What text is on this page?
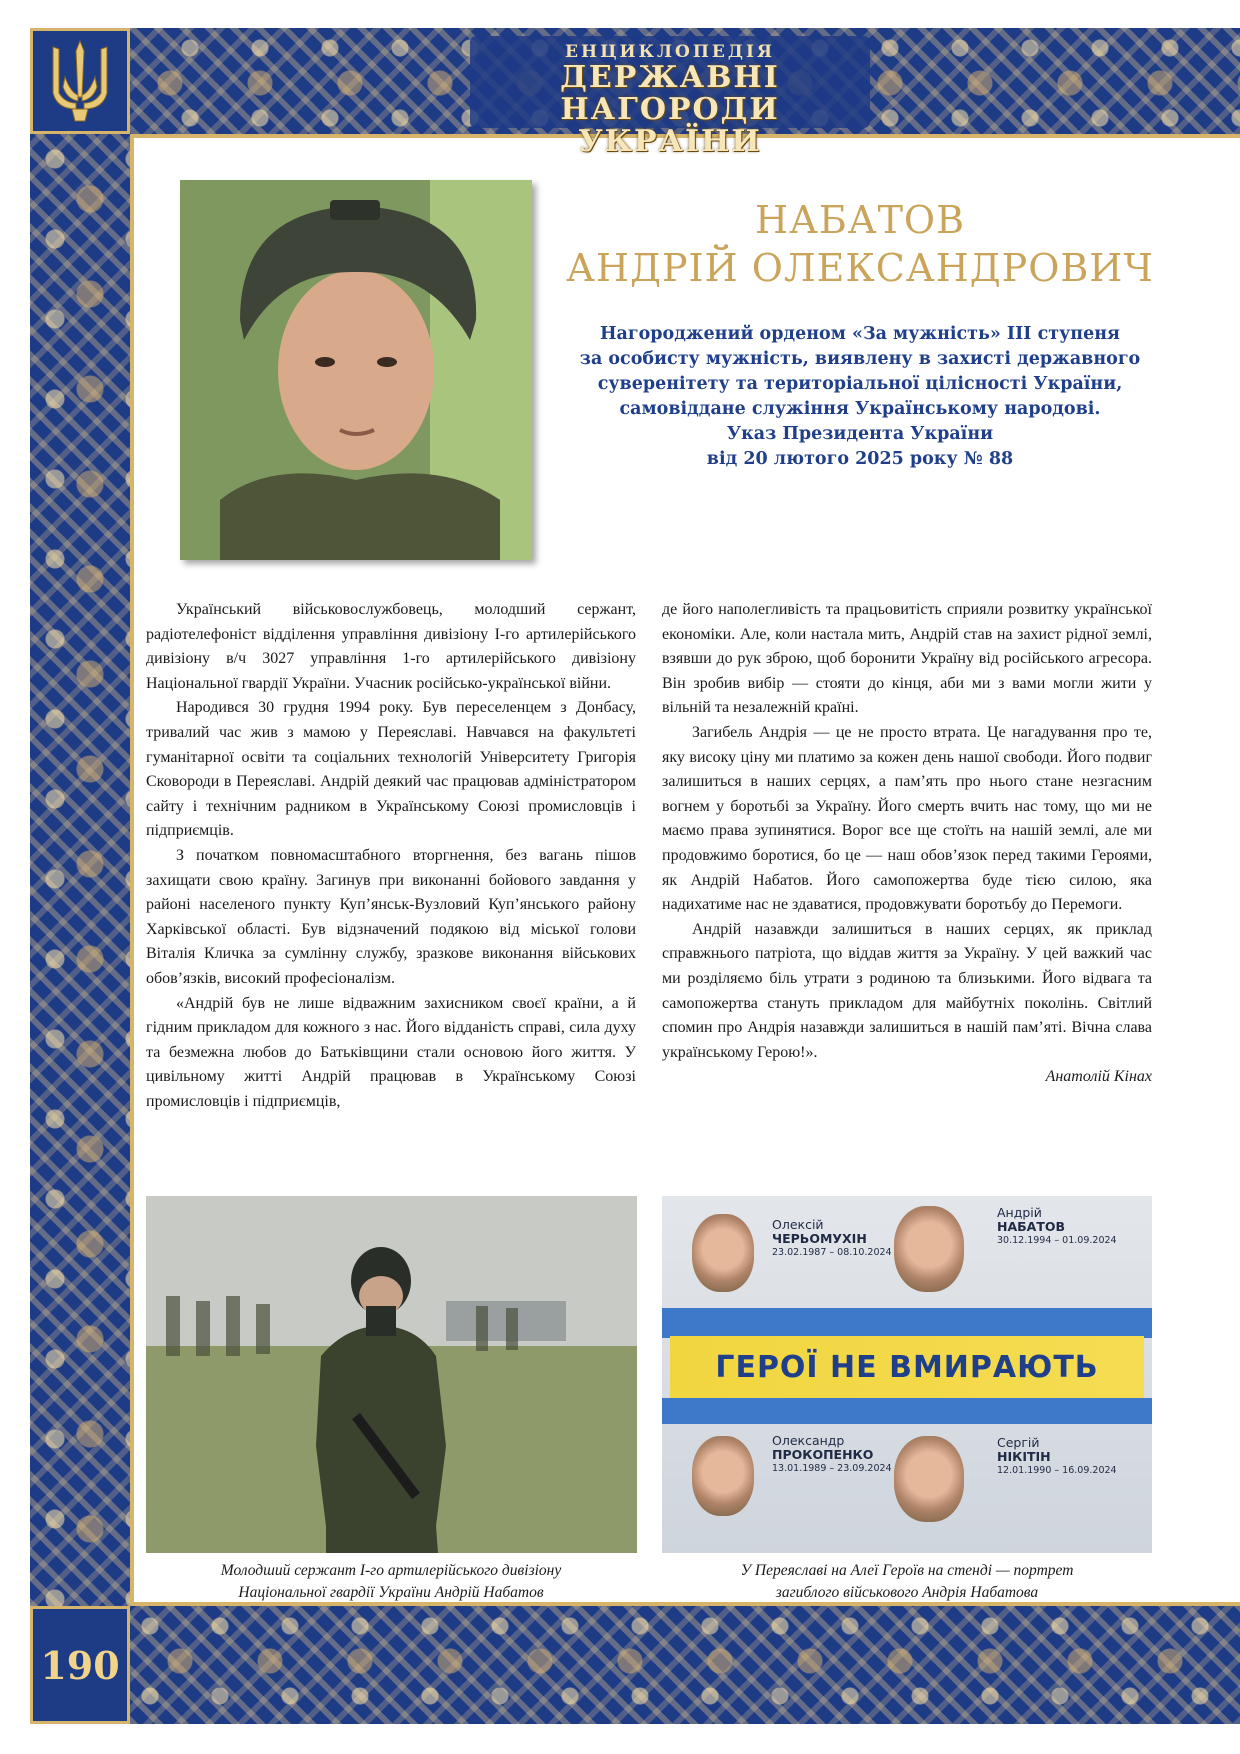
ЕНЦИКЛОПЕДІЯ
ДЕРЖАВНІ НАГОРОДИ
УКРАЇНИ
190
НАБАТОВ
АНДРІЙ ОЛЕКСАНДРОВИЧ
Нагороджений орденом «За мужність» ІІІ ступеня
за особисту мужність, виявлену в захисті державного
суверенітету та територіальної цілісності України,
самовіддане служіння Українському народові.
Указ Президента України
від 20 лютого 2025 року № 88

Український військовослужбовець, молодший сержант, радіотелефоніст відділення управління дивізіону І-го артилерійського дивізіону в/ч 3027 управління 1-го артилерійського дивізіону Національної гвардії України. Учасник російсько-української війни.

Народився 30 грудня 1994 року. Був переселенцем з Донбасу, тривалий час жив з мамою у Переяславі. Навчався на факультеті гуманітарної освіти та соціальних технологій Університету Григорія Сковороди в Переяславі. Андрій деякий час працював адміністратором сайту і технічним радником в Українському Союзі промисловців і підприємців.

З початком повномасштабного вторгнення, без вагань пішов захищати свою країну. Загинув при виконанні бойового завдання у районі населеного пункту Куп’янськ-Вузловий Куп’янського району Харківської області. Був відзначений подякою від міської голови Віталія Кличка за сумлінну службу, зразкове виконання військових обов’язків, високий професіоналізм.

«Андрій був не лише відважним захисником своєї країни, а й гідним прикладом для кожного з нас. Його відданість справі, сила духу та безмежна любов до Батьківщини стали основою його життя. У цивільному житті Андрій працював в Українському Союзі промисловців і підприємців,

де його наполегливість та працьовитість сприяли розвитку української економіки. Але, коли настала мить, Андрій став на захист рідної землі, взявши до рук зброю, щоб боронити Україну від російського агресора. Він зробив вибір — стояти до кінця, аби ми з вами могли жити у вільній та незалежній країні.

Загибель Андрія — це не просто втрата. Це нагадування про те, яку високу ціну ми платимо за кожен день нашої свободи. Його подвиг залишиться в наших серцях, а пам’ять про нього стане незгасним вогнем у боротьбі за Україну. Його смерть вчить нас тому, що ми не маємо права зупинятися. Ворог все ще стоїть на нашій землі, але ми продовжимо боротися, бо це — наш обов’язок перед такими Героями, як Андрій Набатов. Його самопожертва буде тією силою, яка надихатиме нас не здаватися, продовжувати боротьбу до Перемоги.

Андрій назавжди залишиться в наших серцях, як приклад справжнього патріота, що віддав життя за Україну. У цей важкий час ми розділяємо біль утрати з родиною та близькими. Його відвага та самопожертва стануть прикладом для майбутніх поколінь. Світлий спомин про Андрія назавжди залишиться в нашій пам’яті. Вічна слава українському Герою!».

Анатолій Кінах
Молодший сержант І-го артилерійського дивізіону
Національної гвардії України Андрій Набатов
Олексій
ЧЕРЬОМУХІН
23.02.1987 – 08.10.2024
Андрій
НАБАТОВ
30.12.1994 – 01.09.2024
ГЕРОЇ НЕ ВМИРАЮТЬ
Олександр
ПРОКОПЕНКО
13.01.1989 – 23.09.2024
Сергій
НІКІТІН
12.01.1990 – 16.09.2024
У Переяславі на Алеї Героїв на стенді — портрет
загиблого військового Андрія Набатова
